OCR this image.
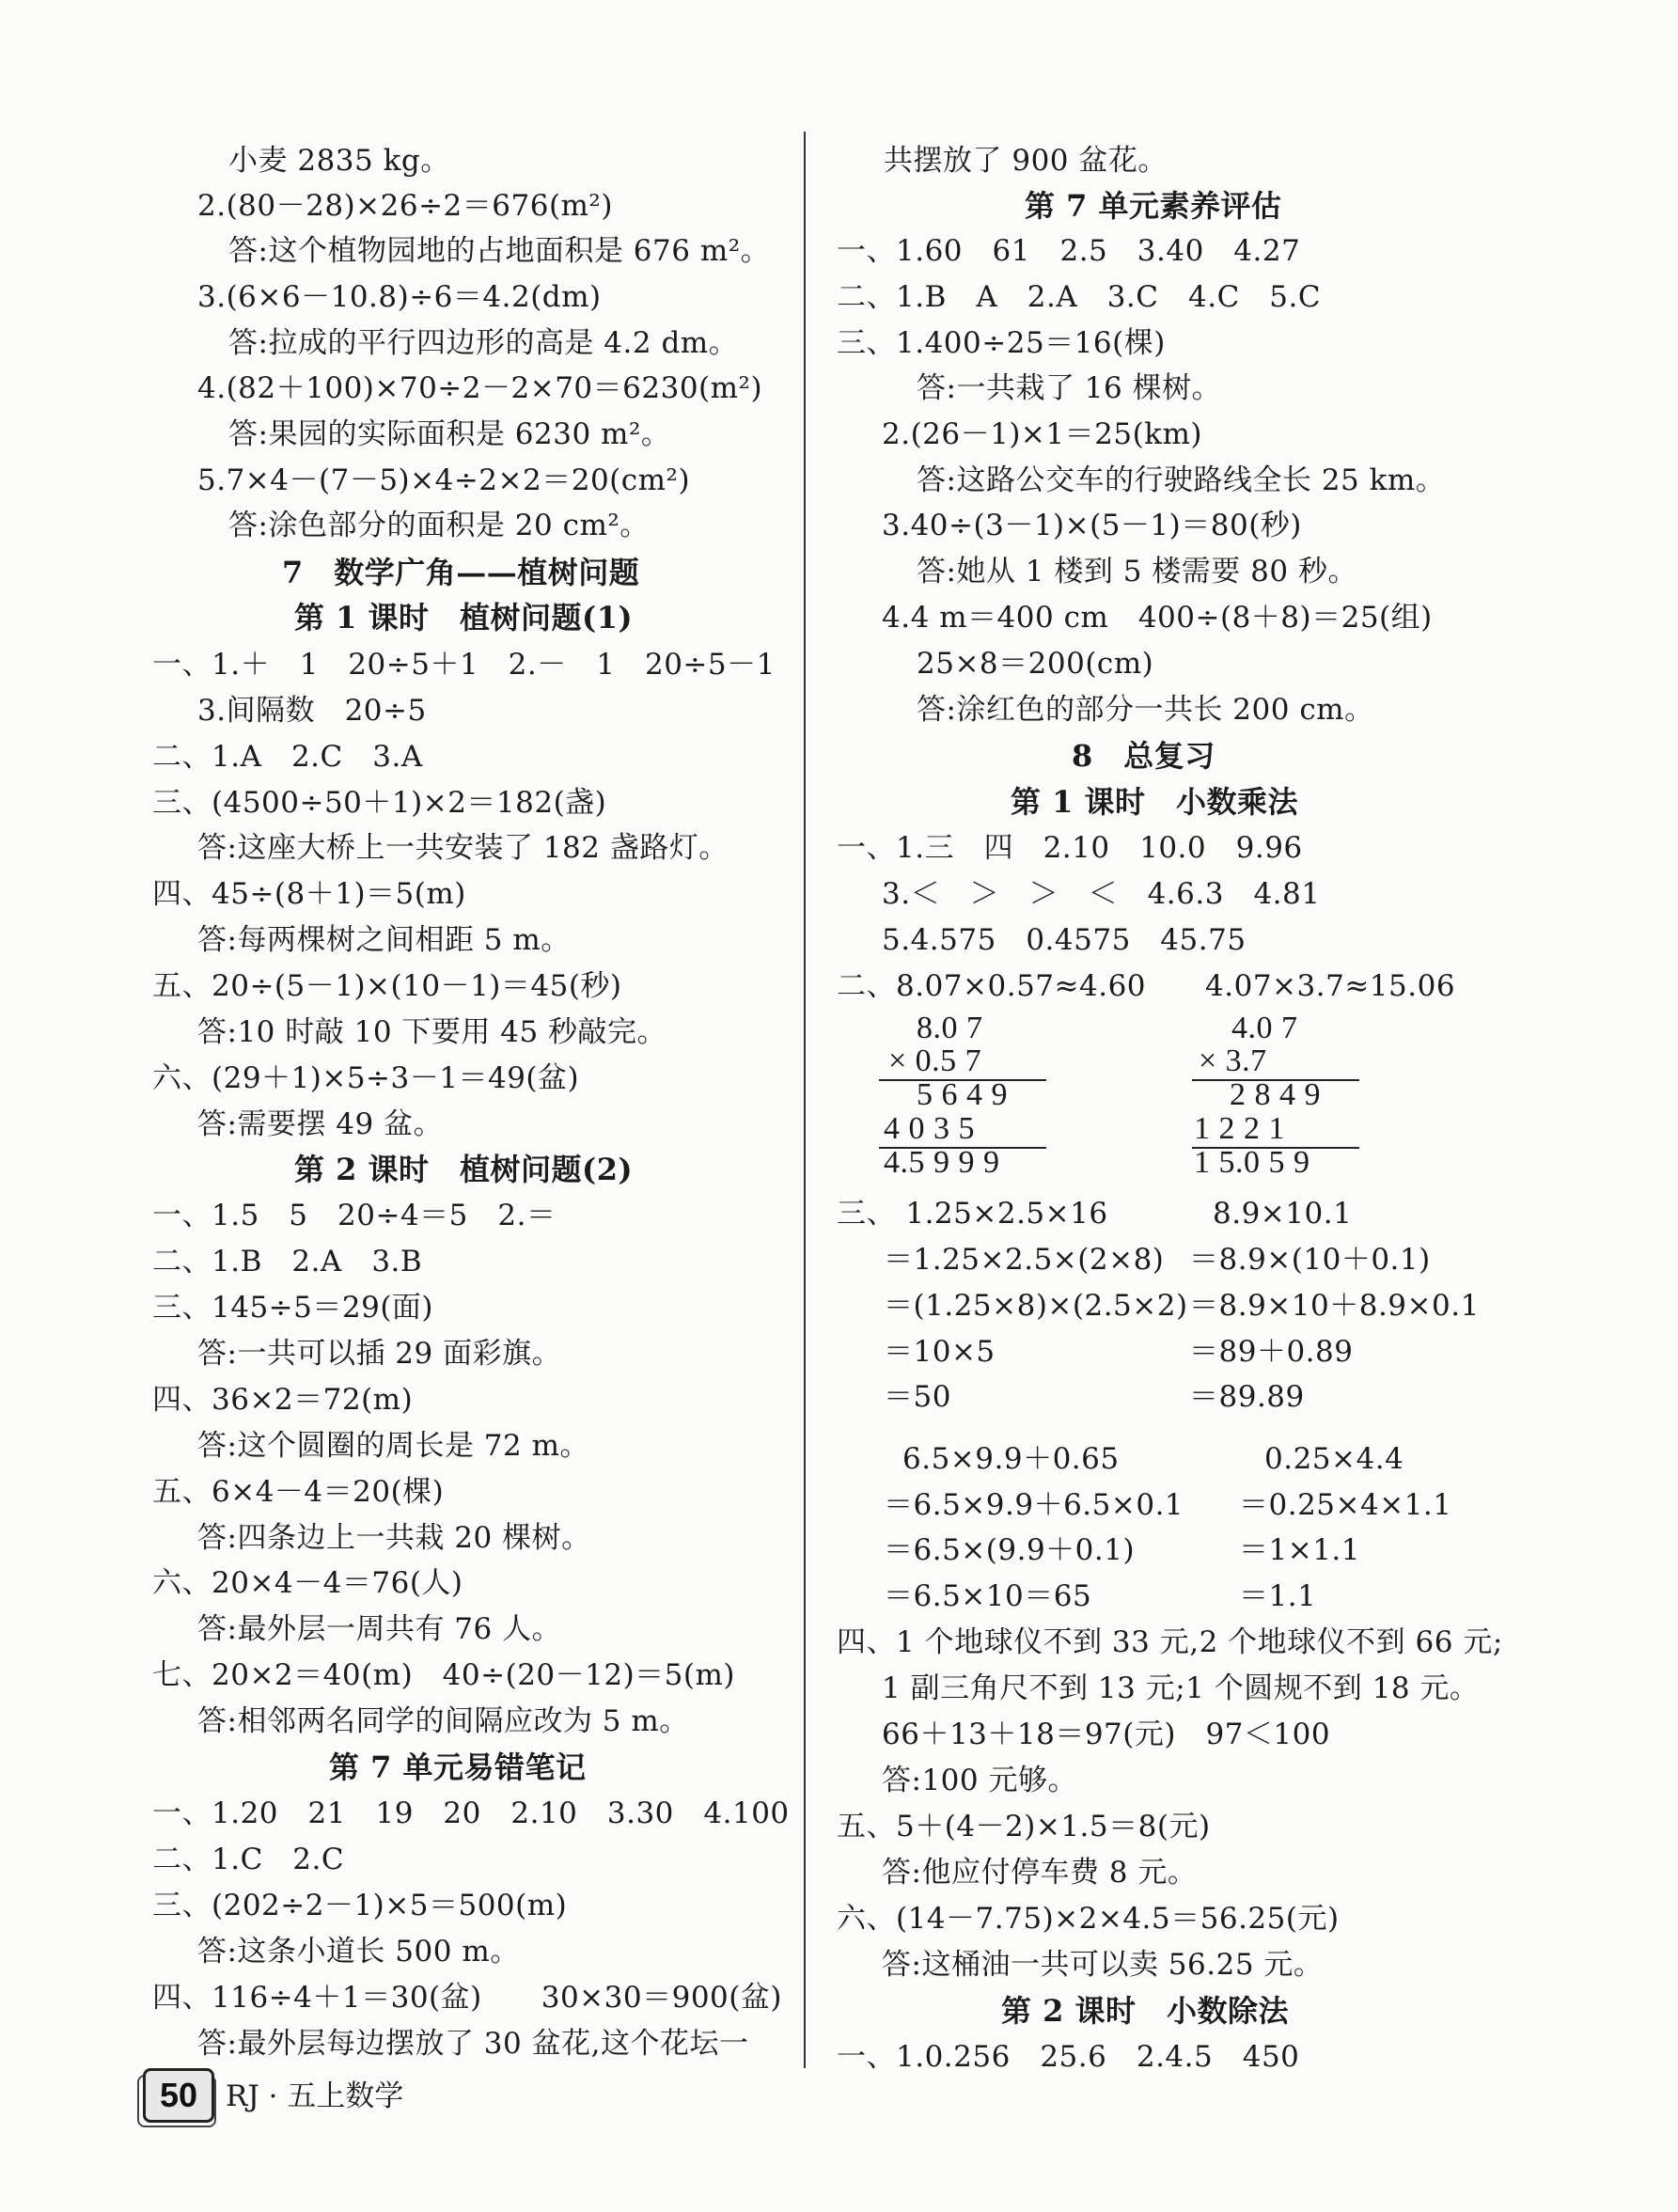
小麦 2835 kg。
2.(80－28)×26÷2＝676(m²)
答:这个植物园地的占地面积是 676 m²。
3.(6×6－10.8)÷6＝4.2(dm)
答:拉成的平行四边形的高是 4.2 dm。
4.(82＋100)×70÷2－2×70＝6230(m²)
答:果园的实际面积是 6230 m²。
5.7×4－(7－5)×4÷2×2＝20(cm²)
答:涂色部分的面积是 20 cm²。
7　数学广角——植树问题
第 1 课时　植树问题(1)
一、1.＋　1　20÷5＋1　2.－　1　20÷5－1
3.间隔数　20÷5
二、1.A　2.C　3.A
三、(4500÷50＋1)×2＝182(盏)
答:这座大桥上一共安装了 182 盏路灯。
四、45÷(8＋1)＝5(m)
答:每两棵树之间相距 5 m。
五、20÷(5－1)×(10－1)＝45(秒)
答:10 时敲 10 下要用 45 秒敲完。
六、(29＋1)×5÷3－1＝49(盆)
答:需要摆 49 盆。
第 2 课时　植树问题(2)
一、1.5　5　20÷4＝5　2.＝
二、1.B　2.A　3.B
三、145÷5＝29(面)
答:一共可以插 29 面彩旗。
四、36×2＝72(m)
答:这个圆圈的周长是 72 m。
五、6×4－4＝20(棵)
答:四条边上一共栽 20 棵树。
六、20×4－4＝76(人)
答:最外层一周共有 76 人。
七、20×2＝40(m)　40÷(20－12)＝5(m)
答:相邻两名同学的间隔应改为 5 m。
第 7 单元易错笔记
一、1.20　21　19　20　2.10　3.30　4.100
二、1.C　2.C
三、(202÷2－1)×5＝500(m)
答:这条小道长 500 m。
四、116÷4＋1＝30(盆)　　30×30＝900(盆)
答:最外层每边摆放了 30 盆花,这个花坛一
共摆放了 900 盆花。
第 7 单元素养评估
一、1.60　61　2.5　3.40　4.27
二、1.B　A　2.A　3.C　4.C　5.C
三、1.400÷25＝16(棵)
答:一共栽了 16 棵树。
2.(26－1)×1＝25(km)
答:这路公交车的行驶路线全长 25 km。
3.40÷(3－1)×(5－1)＝80(秒)
答:她从 1 楼到 5 楼需要 80 秒。
4.4 m＝400 cm　400÷(8＋8)＝25(组)
25×8＝200(cm)
答:涂红色的部分一共长 200 cm。
8　总复习
第 1 课时　小数乘法
一、1.三　四　2.10　10.0　9.96
3.＜　＞　＞　＜　4.6.3　4.81
5.4.575　0.4575　45.75
二、8.07×0.57≈4.60　　4.07×3.7≈15.06
8.0 7
× 0.5 7
5 6 4 9
4 0 3 5
4.5 9 9 9
4.0 7
× 3.7
2 8 4 9
1 2 2 1
1 5.0 5 9
三、 1.25×2.5×16	8.9×10.1
＝1.25×2.5×(2×8) ＝8.9×(10＋0.1)
＝(1.25×8)×(2.5×2) ＝8.9×10＋8.9×0.1
＝10×5	＝89＋0.89
＝50	＝89.89
6.5×9.9＋0.65	0.25×4.4
＝6.5×9.9＋6.5×0.1 ＝0.25×4×1.1
＝6.5×(9.9＋0.1)	＝1×1.1
＝6.5×10＝65	＝1.1
四、1 个地球仪不到 33 元,2 个地球仪不到 66 元;
1 副三角尺不到 13 元;1 个圆规不到 18 元。
66＋13＋18＝97(元)　97＜100
答:100 元够。
五、5＋(4－2)×1.5＝8(元)
答:他应付停车费 8 元。
六、(14－7.75)×2×4.5＝56.25(元)
答:这桶油一共可以卖 56.25 元。
第 2 课时　小数除法
一、1.0.256　25.6　2.4.5　450
50 RJ · 五上数学
